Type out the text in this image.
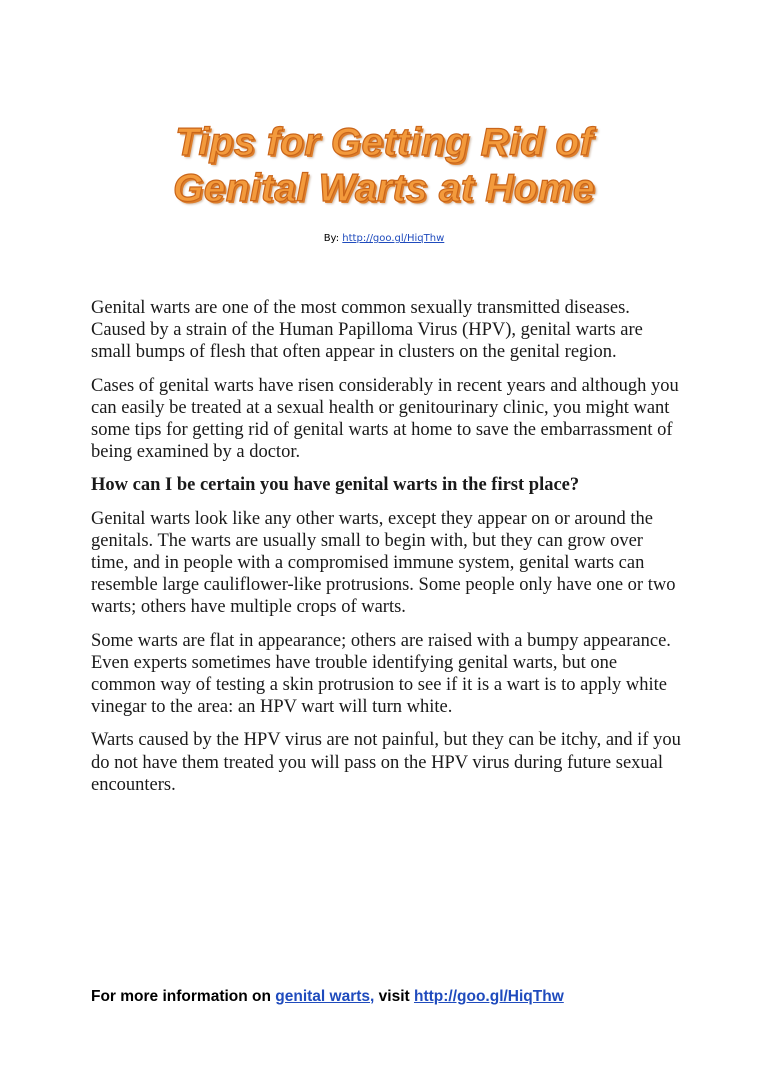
Tips for Getting Rid of
Genital Warts at Home
By: http://goo.gl/HiqThw

Genital warts are one of the most common sexually transmitted diseases. Caused by a strain of the Human Papilloma Virus (HPV), genital warts are small bumps of flesh that often appear in clusters on the genital region.

Cases of genital warts have risen considerably in recent years and although you can easily be treated at a sexual health or genitourinary clinic, you might want some tips for getting rid of genital warts at home to save the embarrassment of being examined by a doctor.

How can I be certain you have genital warts in the first place?

Genital warts look like any other warts, except they appear on or around the genitals. The warts are usually small to begin with, but they can grow over time, and in people with a compromised immune system, genital warts can resemble large cauliflower-like protrusions. Some people only have one or two warts; others have multiple crops of warts.

Some warts are flat in appearance; others are raised with a bumpy appearance. Even experts sometimes have trouble identifying genital warts, but one common way of testing a skin protrusion to see if it is a wart is to apply white vinegar to the area: an HPV wart will turn white.

Warts caused by the HPV virus are not painful, but they can be itchy, and if you do not have them treated you will pass on the HPV virus during future sexual encounters.

For more information on genital warts, visit http://goo.gl/HiqThw
